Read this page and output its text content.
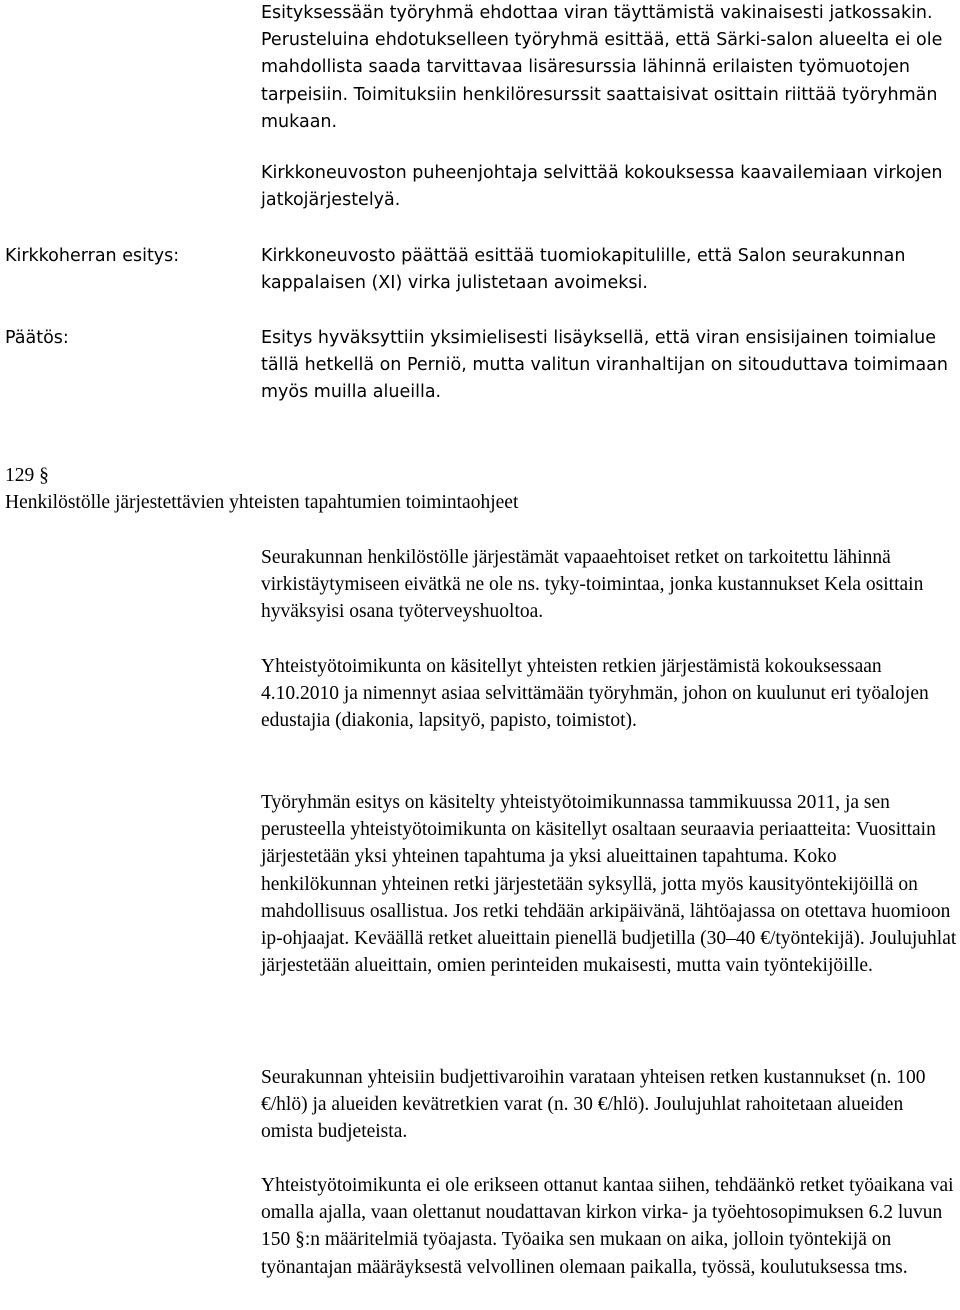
Esityksessään työryhmä ehdottaa viran täyttämistä vakinaisesti jatkossakin. Perusteluina ehdotukselleen työryhmä esittää, että Särki-salon alueelta ei ole mahdollista saada tarvittavaa lisäresurssia lähinnä erilaisten työmuotojen tarpeisiin. Toimituksiin henkilöresurssit saattaisivat osittain riittää työryhmän mukaan.

Kirkkoneuvoston puheenjohtaja selvittää kokouksessa kaavailemiaan virkojen jatkojärjestelyä.

Kirkkoherran esitys:	Kirkkoneuvosto päättää esittää tuomiokapitulille, että Salon seurakunnan kappalaisen (XI) virka julistetaan avoimeksi.

Päätös:	Esitys hyväksyttiin yksimielisesti lisäyksellä, että viran ensisijainen toimialue tällä hetkellä on Perniö, mutta valitun viranhaltijan on sitouduttava toimimaan myös muilla alueilla.

129 §

Henkilöstölle järjestettävien yhteisten tapahtumien toimintaohjeet

Seurakunnan henkilöstölle järjestämät vapaaehtoiset retket on tarkoitettu lähinnä virkistäytymiseen eivätkä ne ole ns. tyky-toimintaa, jonka kustannukset Kela osittain hyväksyisi osana työterveyshuoltoa.

Yhteistyötoimikunta on käsitellyt yhteisten retkien järjestämistä kokouksessaan 4.10.2010 ja nimennyt asiaa selvittämään työryhmän, johon on kuulunut eri työalojen edustajia (diakonia, lapsityö, papisto, toimistot).

Työryhmän esitys on käsitelty yhteistyötoimikunnassa tammikuussa 2011, ja sen perusteella yhteistyötoimikunta on käsitellyt osaltaan seuraavia periaatteita: Vuosittain järjestetään yksi yhteinen tapahtuma ja yksi alueittainen tapahtuma. Koko henkilökunnan yhteinen retki järjestetään syksyllä, jotta myös kausityöntekijöillä on mahdollisuus osallistua. Jos retki tehdään arkipäivänä, lähtöajassa on otettava huomioon ip-ohjaajat. Keväällä retket alueittain pienellä budjetilla (30–40 €/työntekijä). Joulujuhlat järjestetään alueittain, omien perinteiden mukaisesti, mutta vain työntekijöille.

Seurakunnan yhteisiin budjettivaroihin varataan yhteisen retken kustannukset (n. 100 €/hlö) ja alueiden kevätretkien varat (n. 30 €/hlö). Joulujuhlat rahoitetaan alueiden omista budjeteista.

Yhteistyötoimikunta ei ole erikseen ottanut kantaa siihen, tehdäänkö retket työaikana vai omalla ajalla, vaan olettanut noudattavan kirkon virka- ja työehtosopimuksen 6.2 luvun 150 §:n määritelmiä työajasta. Työaika sen mukaan on aika, jolloin työntekijä on työnantajan määräyksestä velvollinen olemaan paikalla, työssä, koulutuksessa tms.
